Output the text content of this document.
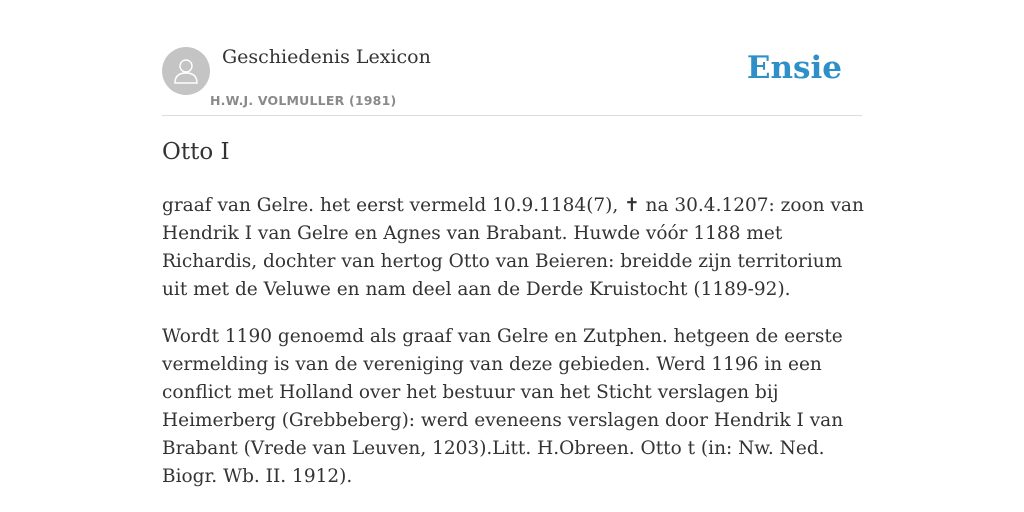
Geschiedenis Lexicon
H.W.J. VOLMULLER (1981)
Ensie
Otto I

graaf van Gelre. het eerst vermeld 10.9.1184(7), ✝ na 30.4.1207: zoon van Hendrik I van Gelre en Agnes van Brabant. Huwde vóór 1188 met Richardis, dochter van hertog Otto van Beieren: breidde zijn territorium uit met de Veluwe en nam deel aan de Derde Kruistocht (1189-92).

Wordt 1190 genoemd als graaf van Gelre en Zutphen. hetgeen de eerste vermelding is van de vereniging van deze gebieden. Werd 1196 in een conflict met Holland over het bestuur van het Sticht verslagen bij Heimerberg (Grebbeberg): werd eveneens verslagen door Hendrik I van Brabant (Vrede van Leuven, 1203).Litt. H.Obreen. Otto t (in: Nw. Ned. Biogr. Wb. II. 1912).
